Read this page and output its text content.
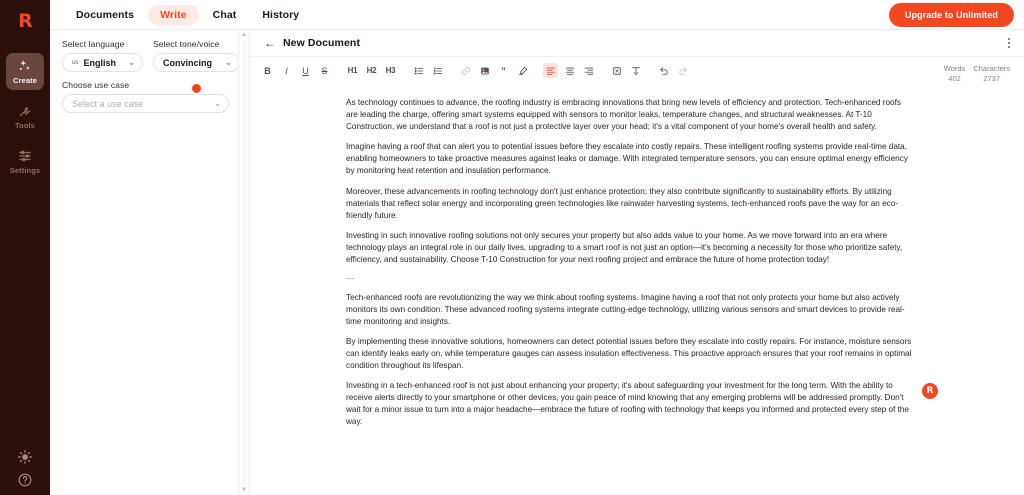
R
Create
Tools
Settings
Documents	Write	Chat	History	Upgrade to Unlimited
Select language
us English ⌄
Select tone/voice
Convincing ⌄
Choose use case
Select a use case	⌄
▲
▼
← New Document
B	I	U	S	H1	H2	H3	”	Words
402
Characters
2737

As technology continues to advance, the roofing industry is embracing innovations that bring new levels of efficiency and protection. Tech-enhanced roofs are leading the charge, offering smart systems equipped with sensors to monitor leaks, temperature changes, and structural weaknesses. At T-10 Construction, we understand that a roof is not just a protective layer over your head; it's a vital component of your home's overall health and safety.

Imagine having a roof that can alert you to potential issues before they escalate into costly repairs. These intelligent roofing systems provide real-time data, enabling homeowners to take proactive measures against leaks or damage. With integrated temperature sensors, you can ensure optimal energy efficiency by monitoring heat retention and insulation performance.

Moreover, these advancements in roofing technology don't just enhance protection; they also contribute significantly to sustainability efforts. By utilizing materials that reflect solar energy and incorporating green technologies like rainwater harvesting systems, tech-enhanced roofs pave the way for an eco-friendly future.

Investing in such innovative roofing solutions not only secures your property but also adds value to your home. As we move forward into an era where technology plays an integral role in our daily lives, upgrading to a smart roof is not just an option—it's becoming a necessity for those who prioritize safety, efficiency, and sustainability. Choose T-10 Construction for your next roofing project and embrace the future of home protection today!

—

Tech-enhanced roofs are revolutionizing the way we think about roofing systems. Imagine having a roof that not only protects your home but also actively monitors its own condition. These advanced roofing systems integrate cutting-edge technology, utilizing various sensors and smart devices to provide real-time monitoring and insights.

By implementing these innovative solutions, homeowners can detect potential issues before they escalate into costly repairs. For instance, moisture sensors can identify leaks early on, while temperature gauges can assess insulation effectiveness. This proactive approach ensures that your roof remains in optimal condition throughout its lifespan.

Investing in a tech-enhanced roof is not just about enhancing your property; it's about safeguarding your investment for the long term. With the ability to receive alerts directly to your smartphone or other devices, you gain peace of mind knowing that any emerging problems will be addressed promptly. Don't wait for a minor issue to turn into a major headache—embrace the future of roofing with technology that keeps you informed and protected every step of the way.

R
